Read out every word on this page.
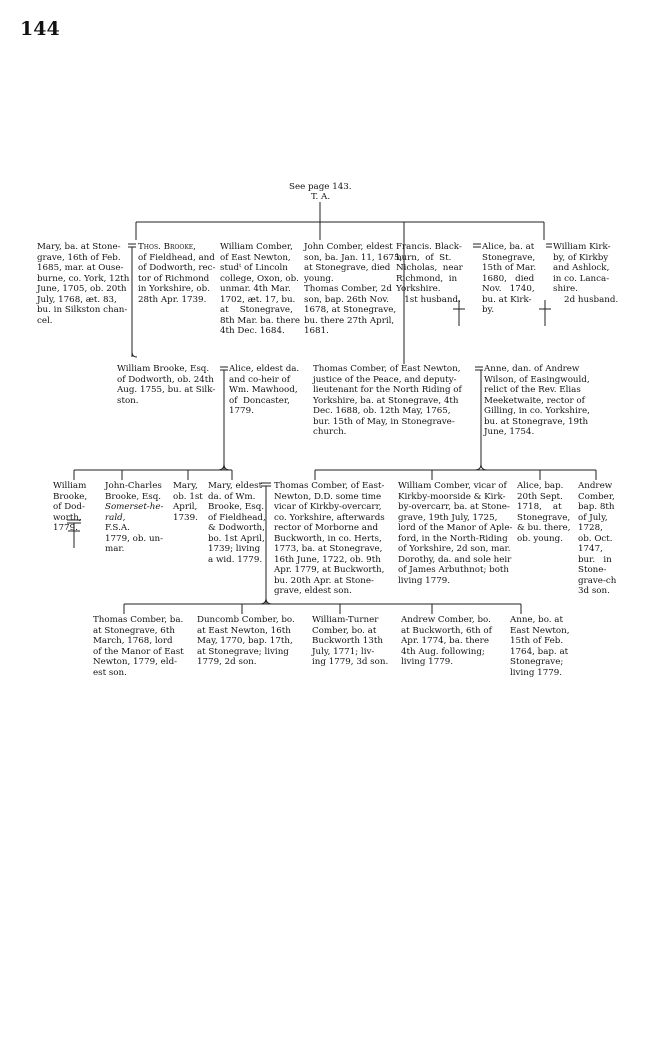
144
See page 143.
T. A.
Mary, ba. at Stone-
grave, 16th of Feb.
1685, mar. at Ouse-
burne, co. York, 12th
June, 1705, ob. 20th
July, 1768, æt. 83,
bu. in Silkston chan-
cel.
Thos. Brooke,
of Fieldhead, and
of Dodworth, rec-
tor of Richmond
in Yorkshire, ob.
28th Apr. 1739.
William Comber,
of East Newton,
studᵗ of Lincoln
college, Oxon, ob.
unmar. 4th Mar.
1702, æt. 17, bu.
at    Stonegrave,
8th Mar. ba. there
4th Dec. 1684.
John Comber, eldest
son, ba. Jan. 11, 1675,
at Stonegrave, died
young.
Thomas Comber, 2d
son, bap. 26th Nov.
1678, at Stonegrave,
bu. there 27th April,
1681.
Francis. Black-
burn,  of  St.
Nicholas,  near
Richmond,  in
Yorkshire.
1st husband.
Alice, ba. at
Stonegrave,
15th of Mar.
1680,   died
Nov.   1740,
bu. at Kirk-
by.
William Kirk-
by, of Kirkby
and Ashlock,
in co. Lanca-
shire.
2d husband.
William Brooke, Esq.
of Dodworth, ob. 24th
Aug. 1755, bu. at Silk-
ston.
Alice, eldest da.
and co-heir of
Wm. Mawhood,
of  Doncaster,
1779.
Thomas Comber, of East Newton,
justice of the Peace, and deputy-
lieutenant for the North Riding of
Yorkshire, ba. at Stonegrave, 4th
Dec. 1688, ob. 12th May, 1765,
bur. 15th of May, in Stonegrave-
church.
Anne, dan. of Andrew
Wilson, of Easingwould,
relict of the Rev. Elias
Meeketwaite, rector of
Gilling, in co. Yorkshire,
bu. at Stonegrave, 19th
June, 1754.
William
Brooke,
of Dod-
worth,
1779.
John-Charles
Brooke, Esq.
Somerset-he-
rald,
F.S.A.
1779, ob. un-
mar.
Mary,
ob. 1st
April,
1739.
Mary, eldest
da. of Wm.
Brooke, Esq.
of Fieldhead,
& Dodworth,
bo. 1st April,
1739; living
a wid. 1779.
Thomas Comber, of East-
Newton, D.D. some time
vicar of Kirkby-overcarr,
co. Yorkshire, afterwards
rector of Morborne and
Buckworth, in co. Herts,
1773, ba. at Stonegrave,
16th June, 1722, ob. 9th
Apr. 1779, at Buckworth,
bu. 20th Apr. at Stone-
grave, eldest son.
William Comber, vicar of
Kirkby-moorside & Kirk-
by-overcarr, ba. at Stone-
grave, 19th July, 1725,
lord of the Manor of Aple-
ford, in the North-Riding
of Yorkshire, 2d son, mar.
Dorothy, da. and sole heir
of James Arbuthnot; both
living 1779.
Alice, bap.
20th Sept.
1718,    at
Stonegrave,
& bu. there,
ob. young.
Andrew
Comber,
bap. 8th
of July,
1728,
ob. Oct.
1747,
bur.   in
Stone-
grave-ch
3d son.
Thomas Comber, ba.
at Stonegrave, 6th
March, 1768, lord
of the Manor of East
Newton, 1779, eld-
est son.
Duncomb Comber, bo.
at East Newton, 16th
May, 1770, bap. 17th,
at Stonegrave; living
1779, 2d son.
William-Turner
Comber, bo. at
Buckworth 13th
July, 1771; liv-
ing 1779, 3d son.
Andrew Comber, bo.
at Buckworth, 6th of
Apr. 1774, ba. there
4th Aug. following;
living 1779.
Anne, bo. at
East Newton,
15th of Feb.
1764, bap. at
Stonegrave;
living 1779.
